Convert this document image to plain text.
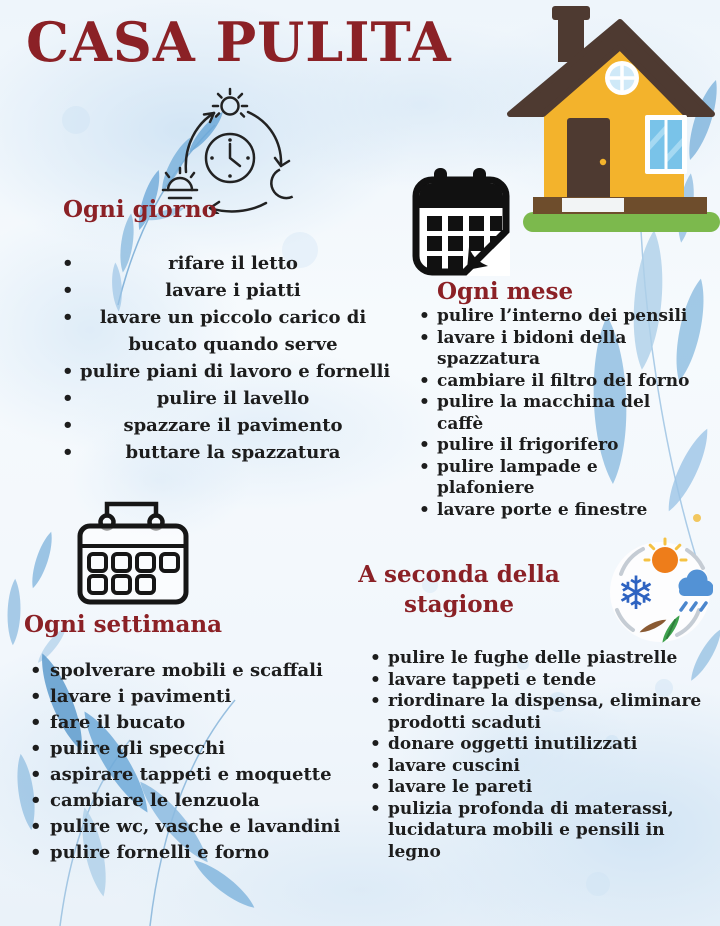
CASA PULITA
❄
Ogni giorno
Ogni mese
Ogni settimana
A seconda della stagione
• rifare il letto
• lavare i piatti
• lavare un piccolo carico di bucato quando serve
• pulire piani di lavoro e fornelli
• pulire il lavello
• spazzare il pavimento
• buttare la spazzatura
• pulire l’interno dei pensili
• lavare i bidoni della spazzatura
• cambiare il filtro del forno
• pulire la macchina del caffè
• pulire il frigorifero
• pulire lampade e plafoniere
• lavare porte e finestre
• spolverare mobili e scaffali
• lavare i pavimenti
• fare il bucato
• pulire gli specchi
• aspirare tappeti e moquette
• cambiare le lenzuola
• pulire wc, vasche e lavandini
• pulire fornelli e forno
• pulire le fughe delle piastrelle
• lavare tappeti e tende
• riordinare la dispensa, eliminare prodotti scaduti
• donare oggetti inutilizzati
• lavare cuscini
• lavare le pareti
• pulizia profonda di materassi, lucidatura mobili e pensili in legno
